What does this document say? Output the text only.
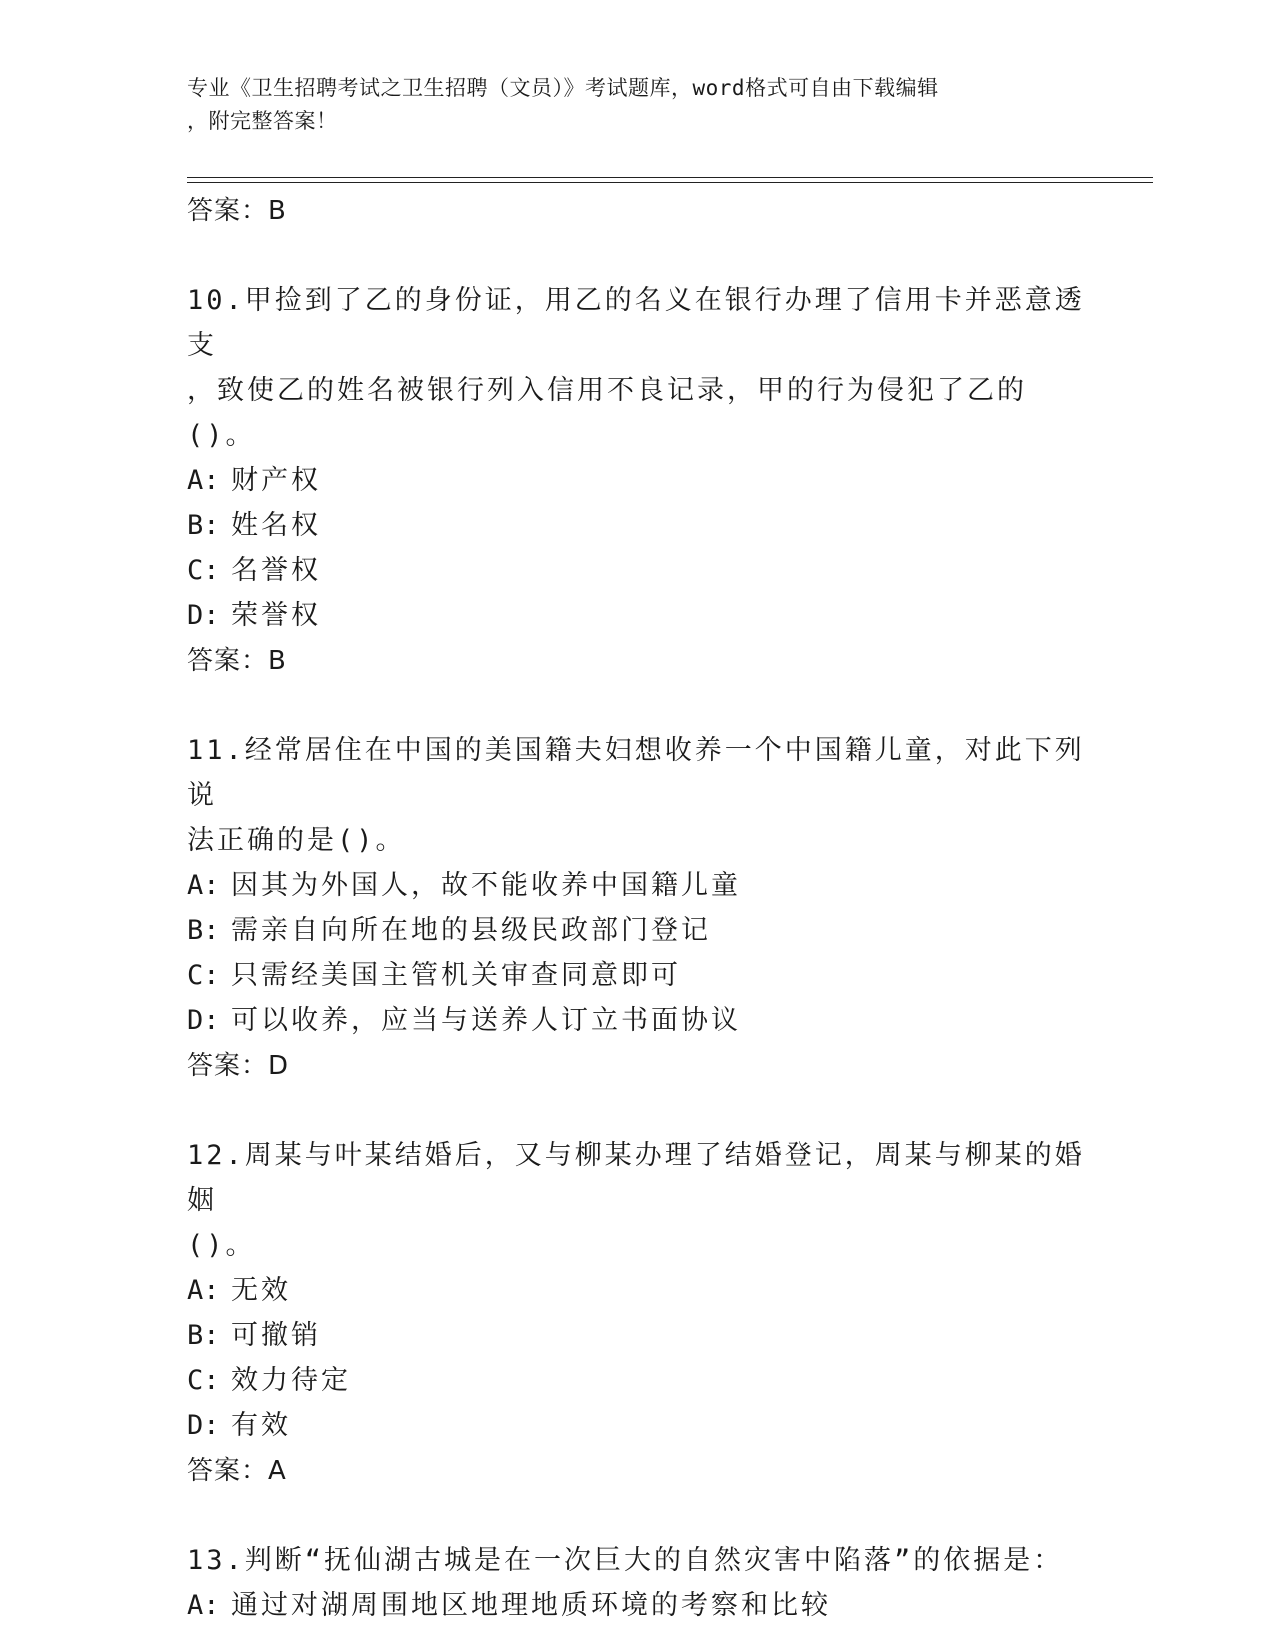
专业《卫生招聘考试之卫生招聘（文员）》考试题库，word格式可自由下载编辑
，附完整答案！
答案：B
10.甲捡到了乙的身份证，用乙的名义在银行办理了信用卡并恶意透支
，致使乙的姓名被银行列入信用不良记录，甲的行为侵犯了乙的()。
A: 财产权
B: 姓名权
C: 名誉权
D: 荣誉权
答案：B
11.经常居住在中国的美国籍夫妇想收养一个中国籍儿童，对此下列说
法正确的是()。
A: 因其为外国人，故不能收养中国籍儿童
B: 需亲自向所在地的县级民政部门登记
C: 只需经美国主管机关审查同意即可
D: 可以收养，应当与送养人订立书面协议
答案：D
12.周某与叶某结婚后，又与柳某办理了结婚登记，周某与柳某的婚姻
()。
A: 无效
B: 可撤销
C: 效力待定
D: 有效
答案：A
13.判断“抚仙湖古城是在一次巨大的自然灾害中陷落”的依据是：
A: 通过对湖周围地区地理地质环境的考察和比较
